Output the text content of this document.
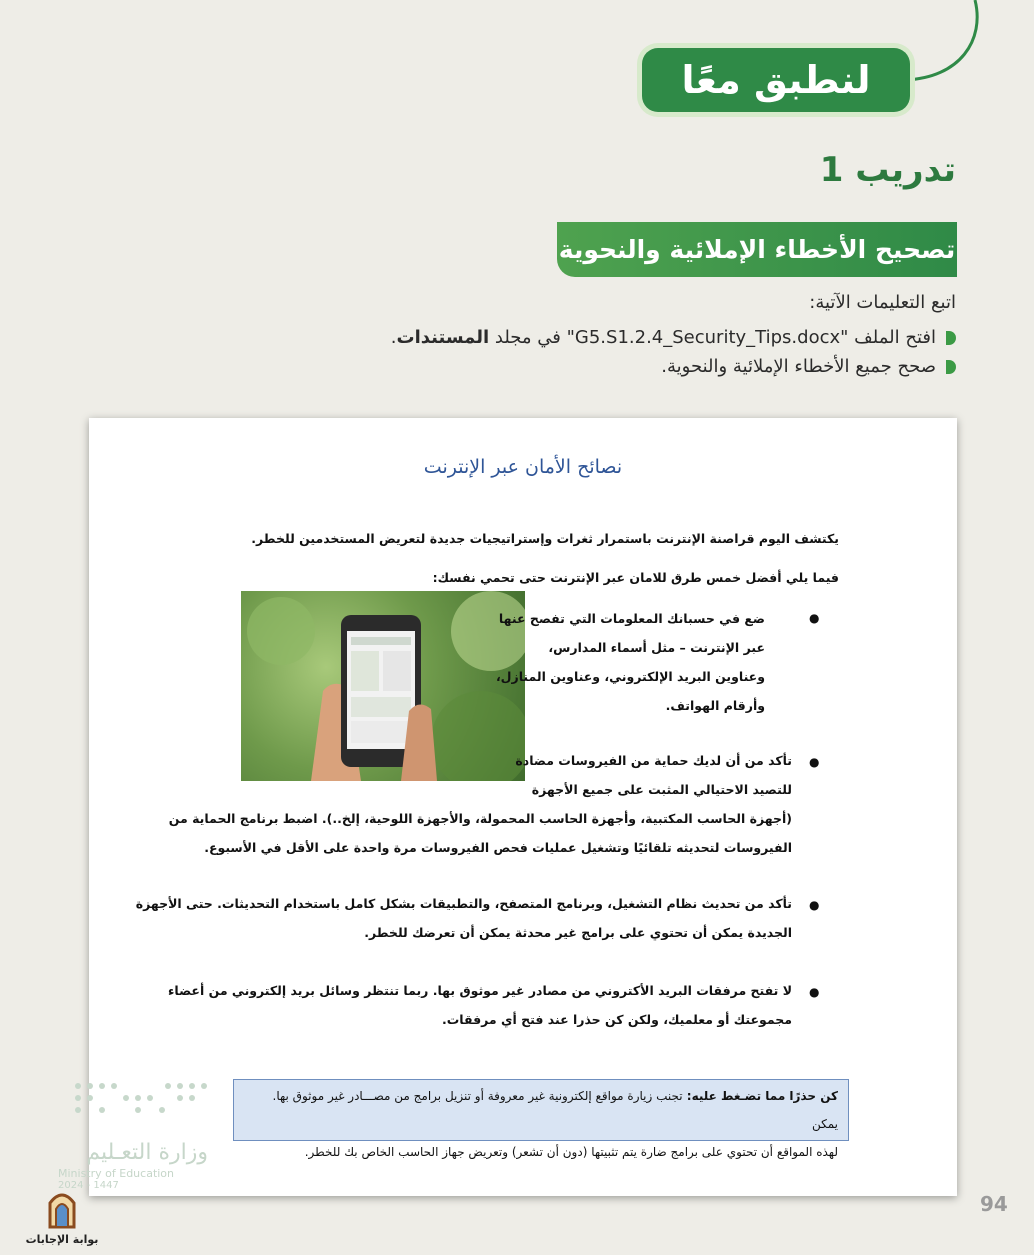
لنطبق معًا
تدريب 1
تصحيح الأخطاء الإملائية والنحوية
اتبع التعليمات الآتية:
افتح الملف "G5.S1.2.4_Security_Tips.docx" في مجلد المستندات.
صحح جميع الأخطاء الإملائية والنحوية.
نصائح الأمان عبر الإنترنت
يكتشف اليوم قراصنة الإنترنت باستمرار ثغرات وإستراتيجيات جديدة لتعريض المستخدمين للخطر.
فيما يلي أفضل خمس طرق للامان عبر الإنترنت حتى تحمي نفسك:
●
ضع في حسبانك المعلومات التي تفصح عنها
عبر الإنترنت – مثل أسماء المدارس،
وعناوين البريد الإلكتروني، وعناوين المنازل،
وأرقام الهواتف.
●
تأكد من أن لديك حماية من الفيروسات مضادة
للتصيد الاحتيالي المثبت على جميع الأجهزة
(أجهزة الحاسب المكتبية، وأجهزة الحاسب المحمولة، والأجهزة اللوحية، إلخ..). اضبط برنامج الحماية من
الفيروسات لتحديثه تلقائيًا وتشغيل عمليات فحص الفيروسات مرة واحدة على الأقل في الأسبوع.
●
تأكد من تحديث نظام التشغيل، وبرنامج المتصفح، والتطبيقات بشكل كامل باستخدام التحديثات. حتى الأجهزة
الجديدة يمكن أن تحتوي على برامج غير محدثة يمكن أن تعرضك للخطر.
●
لا تفتح مرفقات البريد الأكتروني من مصادر غير موثوق بها. ربما تنتظر وسائل بريد إلكتروني من أعضاء
مجموعتك أو معلميك، ولكن كن حذرا عند فتح أي مرفقات.
كن حذرًا مما تضـغط عليه: تجنب زيارة مواقع إلكترونية غير معروفة أو تنزيل برامج من مصـــادر غير موثوق بها. يمكن
لهذه المواقع أن تحتوي على برامج ضارة يتم تثبيتها (دون أن تشعر) وتعريض جهاز الحاسب الخاص بك للخطر.
وزارة التعـليم
Ministry of Education
2024 - 1447
بوابة الإجابات
94
